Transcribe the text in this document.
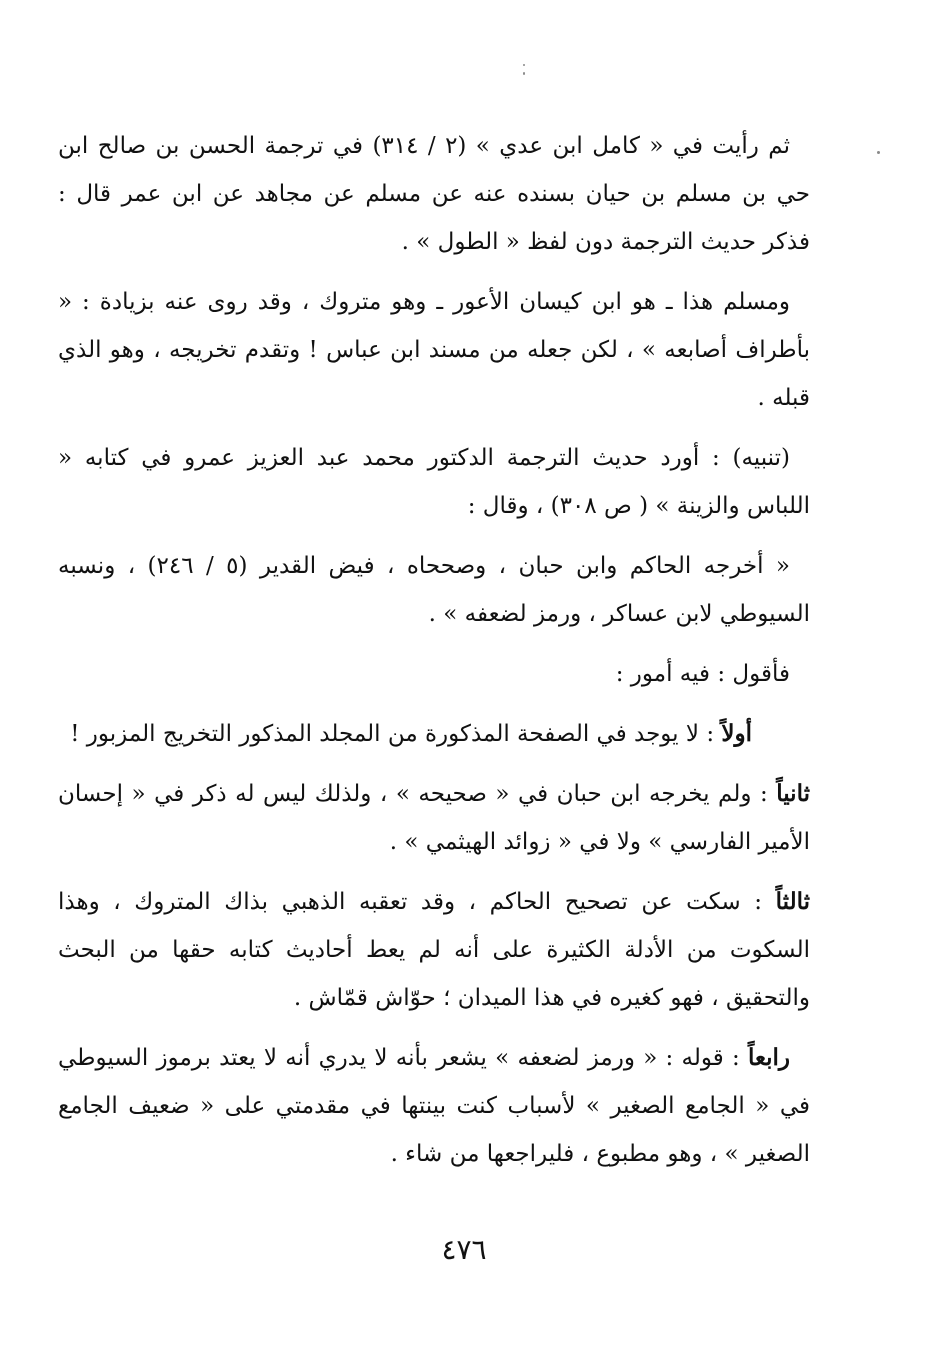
ثم رأيت في « كامل ابن عدي » (٢ / ٣١٤) في ترجمة الحسن بن صالح ابن حي بن مسلم بن حيان بسنده عنه عن مسلم عن مجاهد عن ابن عمر قال : فذكر حديث الترجمة دون لفظ « الطول » .

ومسلم هذا ـ هو ابن كيسان الأعور ـ وهو متروك ، وقد روى عنه بزيادة : « بأطراف أصابعه » ، لكن جعله من مسند ابن عباس ! وتقدم تخريجه ، وهو الذي قبله .

(تنبيه) : أورد حديث الترجمة الدكتور محمد عبد العزيز عمرو في كتابه « اللباس والزينة » ( ص ٣٠٨) ، وقال :

« أخرجه الحاكم وابن حبان ، وصححاه ، فيض القدير (٥ / ٢٤٦) ، ونسبه السيوطي لابن عساكر ، ورمز لضعفه » .

فأقول : فيه أمور :

أولاً : لا يوجد في الصفحة المذكورة من المجلد المذكور التخريج المزبور !

ثانياً : ولم يخرجه ابن حبان في « صحيحه » ، ولذلك ليس له ذكر في « إحسان الأمير الفارسي » ولا في « زوائد الهيثمي » .

ثالثاً : سكت عن تصحيح الحاكم ، وقد تعقبه الذهبي بذاك المتروك ، وهذا السكوت من الأدلة الكثيرة على أنه لم يعط أحاديث كتابه حقها من البحث والتحقيق ، فهو كغيره في هذا الميدان ؛ حوّاش قمّاش .

رابعاً : قوله : « ورمز لضعفه » يشعر بأنه لا يدري أنه لا يعتد برموز السيوطي في « الجامع الصغير » لأسباب كنت بينتها في مقدمتي على « ضعيف الجامع الصغير » ، وهو مطبوع ، فليراجعها من شاء .

٤٧٦
